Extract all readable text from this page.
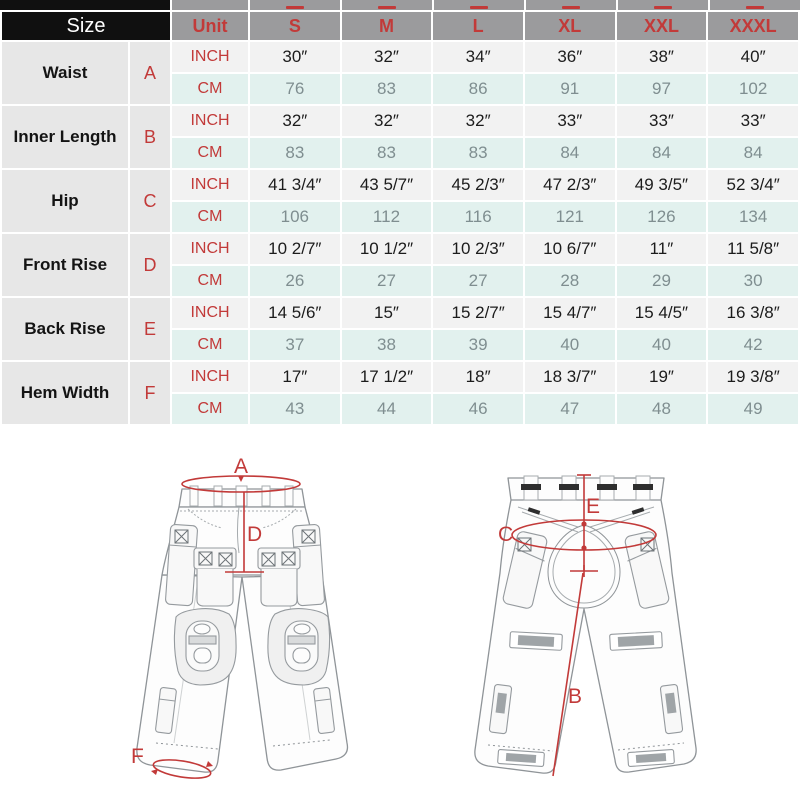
Size		Unit	S	M	L	XL	XXL	XXXL
Waist	A	INCH	30″	32″	34″	36″	38″	40″
		CM	76	83	86	91	97	102
Inner Length	B	INCH	32″	32″	32″	33″	33″	33″
		CM	83	83	83	84	84	84
Hip	C	INCH	41 3/4″	43 5/7″	45 2/3″	47 2/3″	49 3/5″	52 3/4″
		CM	106	112	116	121	126	134
Front Rise	D	INCH	10 2/7″	10 1/2″	10 2/3″	10 6/7″	11″	11 5/8″
		CM	26	27	27	28	29	30
Back Rise	E	INCH	14 5/6″	15″	15 2/7″	15 4/7″	15 4/5″	16 3/8″
		CM	37	38	39	40	40	42
Hem Width	F	INCH	17″	17 1/2″	18″	18 3/7″	19″	19 3/8″
		CM	43	44	46	47	48	49
A
D
F
E
C
B
